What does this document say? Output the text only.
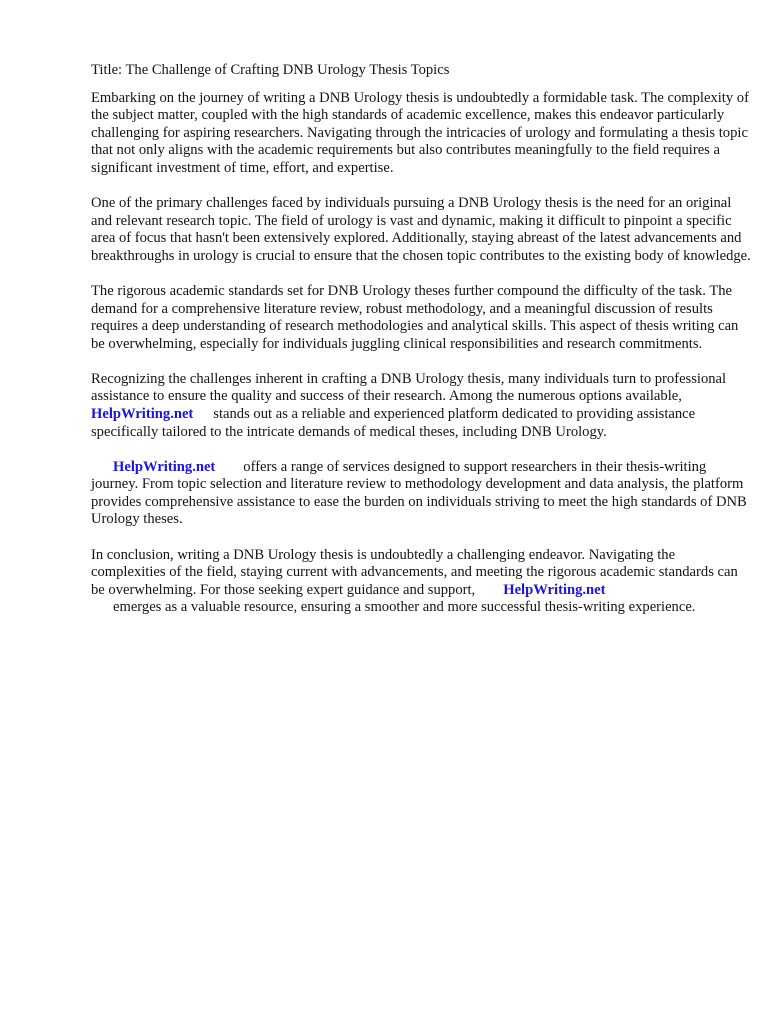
Title: The Challenge of Crafting DNB Urology Thesis Topics

Embarking on the journey of writing a DNB Urology thesis is undoubtedly a formidable task. The complexity of the subject matter, coupled with the high standards of academic excellence, makes this endeavor particularly challenging for aspiring researchers. Navigating through the intricacies of urology and formulating a thesis topic that not only aligns with the academic requirements but also contributes meaningfully to the field requires a significant investment of time, effort, and expertise.

One of the primary challenges faced by individuals pursuing a DNB Urology thesis is the need for an original and relevant research topic. The field of urology is vast and dynamic, making it difficult to pinpoint a specific area of focus that hasn't been extensively explored. Additionally, staying abreast of the latest advancements and breakthroughs in urology is crucial to ensure that the chosen topic contributes to the existing body of knowledge.

The rigorous academic standards set for DNB Urology theses further compound the difficulty of the task. The demand for a comprehensive literature review, robust methodology, and a meaningful discussion of results requires a deep understanding of research methodologies and analytical skills. This aspect of thesis writing can be overwhelming, especially for individuals juggling clinical responsibilities and research commitments.

Recognizing the challenges inherent in crafting a DNB Urology thesis, many individuals turn to professional assistance to ensure the quality and success of their research. Among the numerous options available,HelpWriting.net stands out as a reliable and experienced platform dedicated to providing assistance specifically tailored to the intricate demands of medical theses, including DNB Urology.

HelpWriting.net offers a range of services designed to support researchers in their thesis-writing journey. From topic selection and literature review to methodology development and data analysis, the platform provides comprehensive assistance to ease the burden on individuals striving to meet the high standards of DNB Urology theses.

In conclusion, writing a DNB Urology thesis is undoubtedly a challenging endeavor. Navigating the complexities of the field, staying current with advancements, and meeting the rigorous academic standards can be overwhelming. For those seeking expert guidance and support, HelpWriting.net
emerges as a valuable resource, ensuring a smoother and more successful thesis-writing experience.
